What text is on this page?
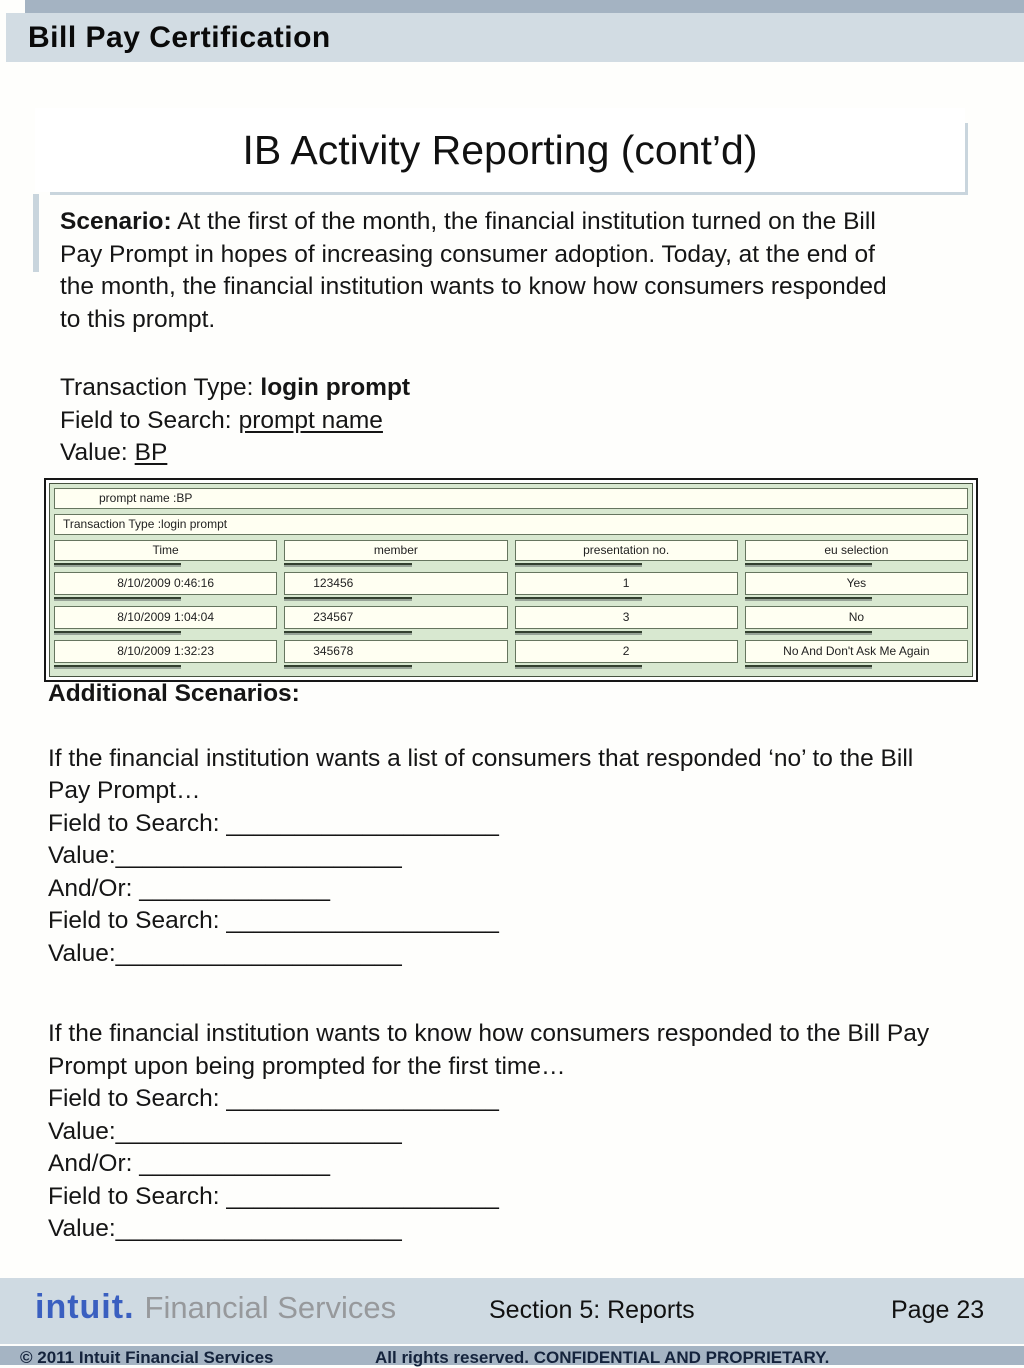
Bill Pay Certification
IB Activity Reporting (cont’d)
Scenario: At the first of the month, the financial institution turned on the Bill
Pay Prompt in hopes of increasing consumer adoption. Today, at the end of
the month, the financial institution wants to know how consumers responded
to this prompt.
Transaction Type: login prompt
Field to Search: prompt name
Value: BP
prompt name :BP
Transaction Type :login prompt
Time	member	presentation no.	eu selection
8/10/2009 0:46:16	123456	1	Yes
8/10/2009 1:04:04	234567	3	No
8/10/2009 1:32:23	345678	2	No And Don't Ask Me Again
Additional Scenarios:
If the financial institution wants a list of consumers that responded ‘no’ to the Bill
Pay Prompt…
Field to Search: ____________________
Value:_____________________
And/Or: ______________
Field to Search: ____________________
Value:_____________________
If the financial institution wants to know how consumers responded to the Bill Pay
Prompt upon being prompted for the first time…
Field to Search: ____________________
Value:_____________________
And/Or: ______________
Field to Search: ____________________
Value:_____________________
intuit. Financial Services	Section 5: Reports	Page 23
© 2011 Intuit Financial Services	All rights reserved. CONFIDENTIAL AND PROPRIETARY.
